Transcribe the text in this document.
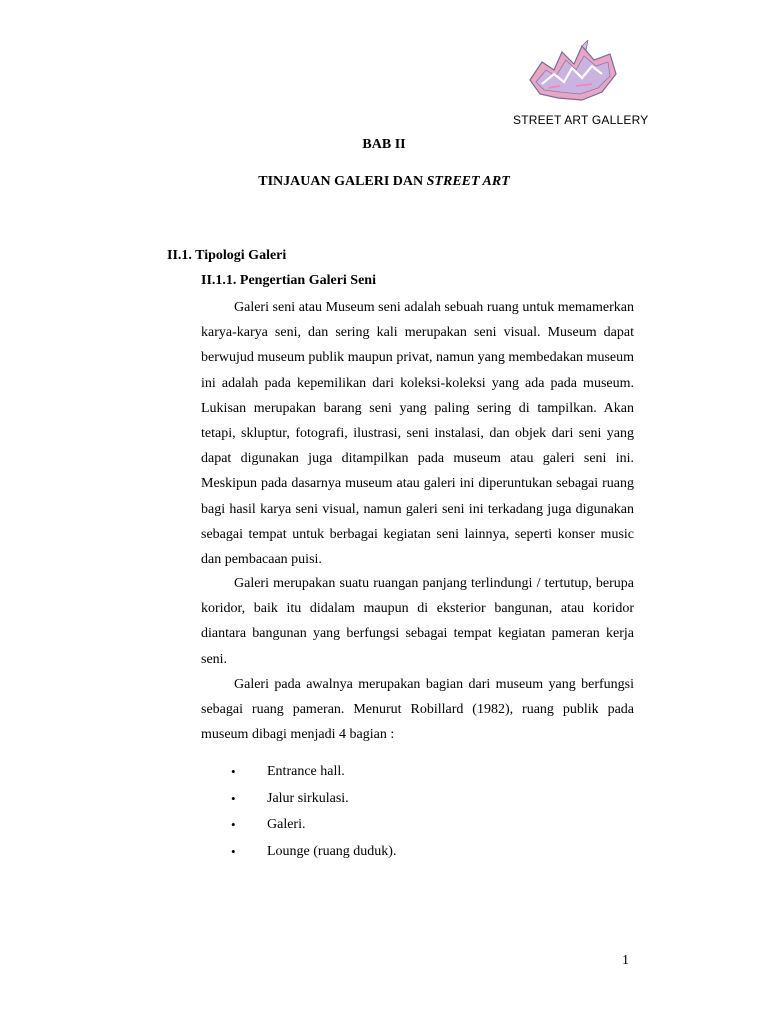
STREET ART GALLERY
BAB II
TINJAUAN GALERI DAN STREET ART
II.1. Tipologi Galeri
II.1.1. Pengertian Galeri Seni

Galeri seni atau Museum seni adalah sebuah ruang untuk memamerkan karya-karya seni, dan sering kali merupakan seni visual. Museum dapat berwujud museum publik maupun privat, namun yang membedakan museum ini adalah pada kepemilikan dari koleksi-koleksi yang ada pada museum. Lukisan merupakan barang seni yang paling sering di tampilkan. Akan tetapi, skluptur, fotografi, ilustrasi, seni instalasi, dan objek dari seni yang dapat digunakan juga ditampilkan pada museum atau galeri seni ini. Meskipun pada dasarnya museum atau galeri ini diperuntukan sebagai ruang bagi hasil karya seni visual, namun galeri seni ini terkadang juga digunakan sebagai tempat untuk berbagai kegiatan seni lainnya, seperti konser music dan pembacaan puisi.

Galeri merupakan suatu ruangan panjang terlindungi / tertutup, berupa koridor, baik itu didalam maupun di eksterior bangunan, atau koridor diantara bangunan yang berfungsi sebagai tempat kegiatan pameran kerja seni.

Galeri pada awalnya merupakan bagian dari museum yang berfungsi sebagai ruang pameran. Menurut Robillard (1982), ruang publik pada museum dibagi menjadi 4 bagian :

• Entrance hall.
• Jalur sirkulasi.
• Galeri.
• Lounge (ruang duduk).
1
